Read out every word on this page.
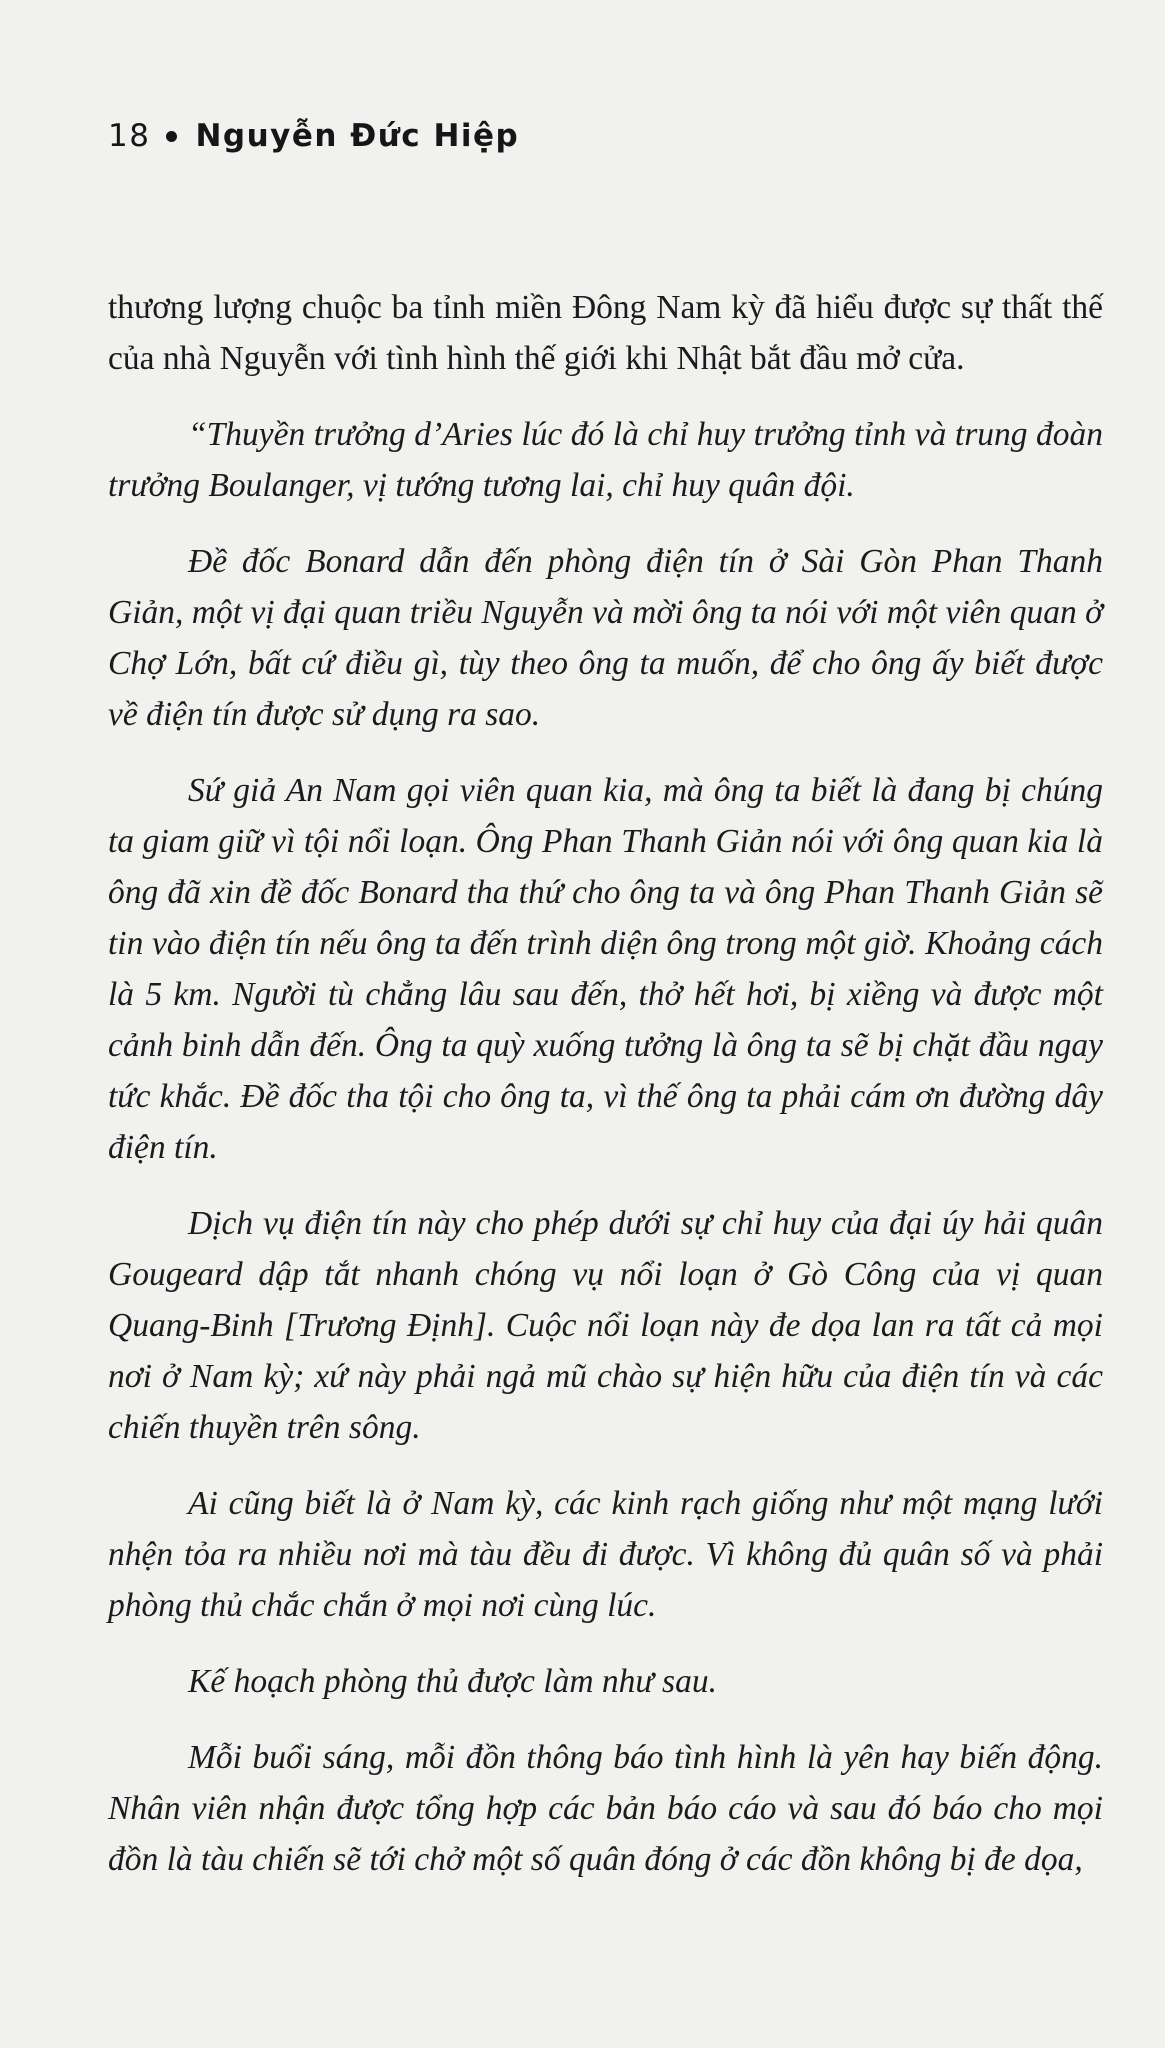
18 Nguyễn Đức Hiệp

thương lượng chuộc ba tỉnh miền Đông Nam kỳ đã hiểu được sự thất thế của nhà Nguyễn với tình hình thế giới khi Nhật bắt đầu mở cửa.

“Thuyền trưởng d’Aries lúc đó là chỉ huy trưởng tỉnh và trung đoàn trưởng Boulanger, vị tướng tương lai, chỉ huy quân đội.

Đề đốc Bonard dẫn đến phòng điện tín ở Sài Gòn Phan Thanh Giản, một vị đại quan triều Nguyễn và mời ông ta nói với một viên quan ở Chợ Lớn, bất cứ điều gì, tùy theo ông ta muốn, để cho ông ấy biết được về điện tín được sử dụng ra sao.

Sứ giả An Nam gọi viên quan kia, mà ông ta biết là đang bị chúng ta giam giữ vì tội nổi loạn. Ông Phan Thanh Giản nói với ông quan kia là ông đã xin đề đốc Bonard tha thứ cho ông ta và ông Phan Thanh Giản sẽ tin vào điện tín nếu ông ta đến trình diện ông trong một giờ. Khoảng cách là 5 km. Người tù chẳng lâu sau đến, thở hết hơi, bị xiềng và được một cảnh binh dẫn đến. Ông ta quỳ xuống tưởng là ông ta sẽ bị chặt đầu ngay tức khắc. Đề đốc tha tội cho ông ta, vì thế ông ta phải cám ơn đường dây điện tín.

Dịch vụ điện tín này cho phép dưới sự chỉ huy của đại úy hải quân Gougeard dập tắt nhanh chóng vụ nổi loạn ở Gò Công của vị quan Quang-Binh [Trương Định]. Cuộc nổi loạn này đe dọa lan ra tất cả mọi nơi ở Nam kỳ; xứ này phải ngả mũ chào sự hiện hữu của điện tín và các chiến thuyền trên sông.

Ai cũng biết là ở Nam kỳ, các kinh rạch giống như một mạng lưới nhện tỏa ra nhiều nơi mà tàu đều đi được. Vì không đủ quân số và phải phòng thủ chắc chắn ở mọi nơi cùng lúc.

Kế hoạch phòng thủ được làm như sau.

Mỗi buổi sáng, mỗi đồn thông báo tình hình là yên hay biến động. Nhân viên nhận được tổng hợp các bản báo cáo và sau đó báo cho mọi đồn là tàu chiến sẽ tới chở một số quân đóng ở các đồn không bị đe dọa,
